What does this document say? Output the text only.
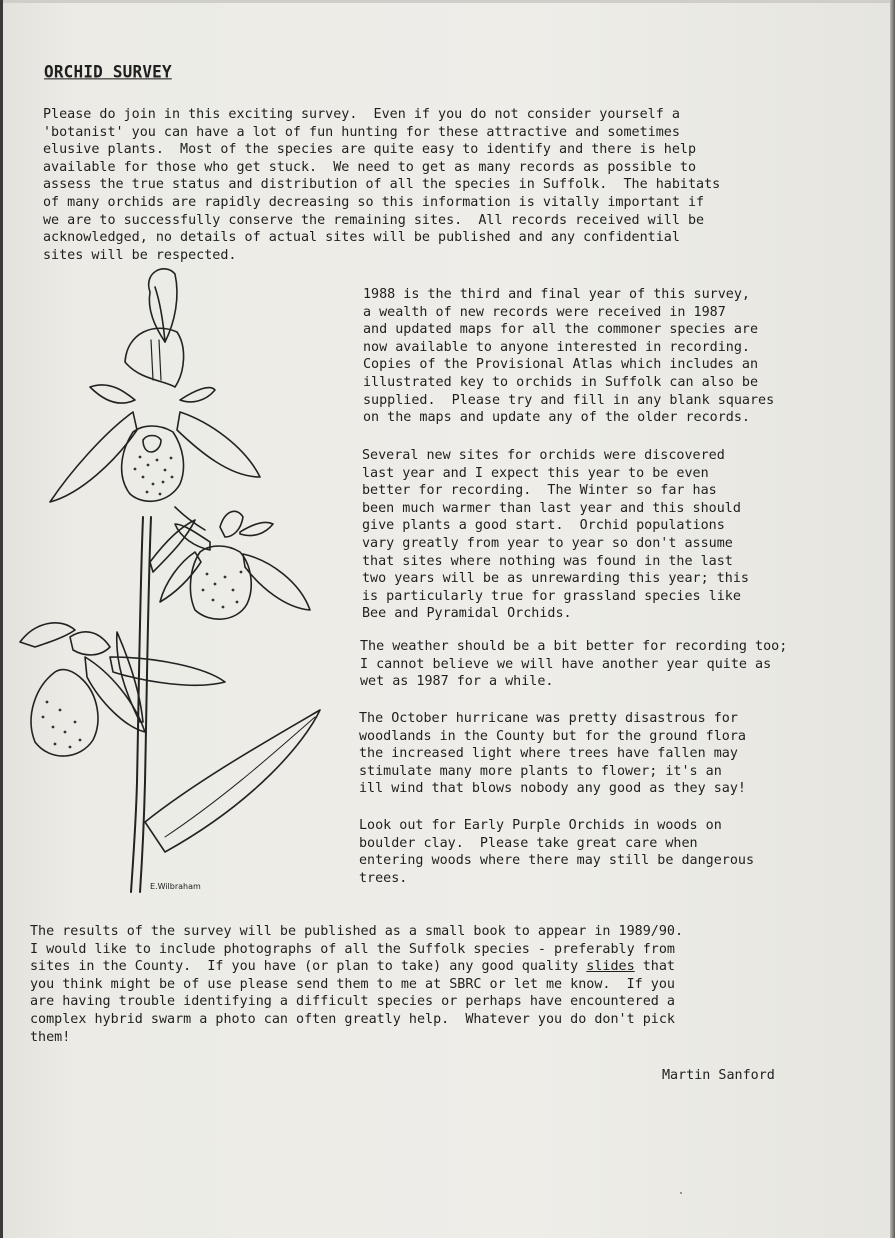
ORCHID SURVEY

Please do join in this exciting survey.  Even if you do not consider yourself a
'botanist' you can have a lot of fun hunting for these attractive and sometimes
elusive plants.  Most of the species are quite easy to identify and there is help
available for those who get stuck.  We need to get as many records as possible to
assess the true status and distribution of all the species in Suffolk.  The habitats
of many orchids are rapidly decreasing so this information is vitally important if
we are to successfully conserve the remaining sites.  All records received will be
acknowledged, no details of actual sites will be published and any confidential
sites will be respected.

E.Wilbraham

1988 is the third and final year of this survey,
a wealth of new records were received in 1987
and updated maps for all the commoner species are
now available to anyone interested in recording.
Copies of the Provisional Atlas which includes an
illustrated key to orchids in Suffolk can also be
supplied.  Please try and fill in any blank squares
on the maps and update any of the older records.

Several new sites for orchids were discovered
last year and I expect this year to be even
better for recording.  The Winter so far has
been much warmer than last year and this should
give plants a good start.  Orchid populations
vary greatly from year to year so don't assume
that sites where nothing was found in the last
two years will be as unrewarding this year; this
is particularly true for grassland species like
Bee and Pyramidal Orchids.

The weather should be a bit better for recording too;
I cannot believe we will have another year quite as
wet as 1987 for a while.

The October hurricane was pretty disastrous for
woodlands in the County but for the ground flora
the increased light where trees have fallen may
stimulate many more plants to flower; it's an
ill wind that blows nobody any good as they say!

Look out for Early Purple Orchids in woods on
boulder clay.  Please take great care when
entering woods where there may still be dangerous
trees.

The results of the survey will be published as a small book to appear in 1989/90.
I would like to include photographs of all the Suffolk species - preferably from
sites in the County.  If you have (or plan to take) any good quality slides that
you think might be of use please send them to me at SBRC or let me know.  If you
are having trouble identifying a difficult species or perhaps have encountered a
complex hybrid swarm a photo can often greatly help.  Whatever you do don't pick
them!

Martin Sanford
